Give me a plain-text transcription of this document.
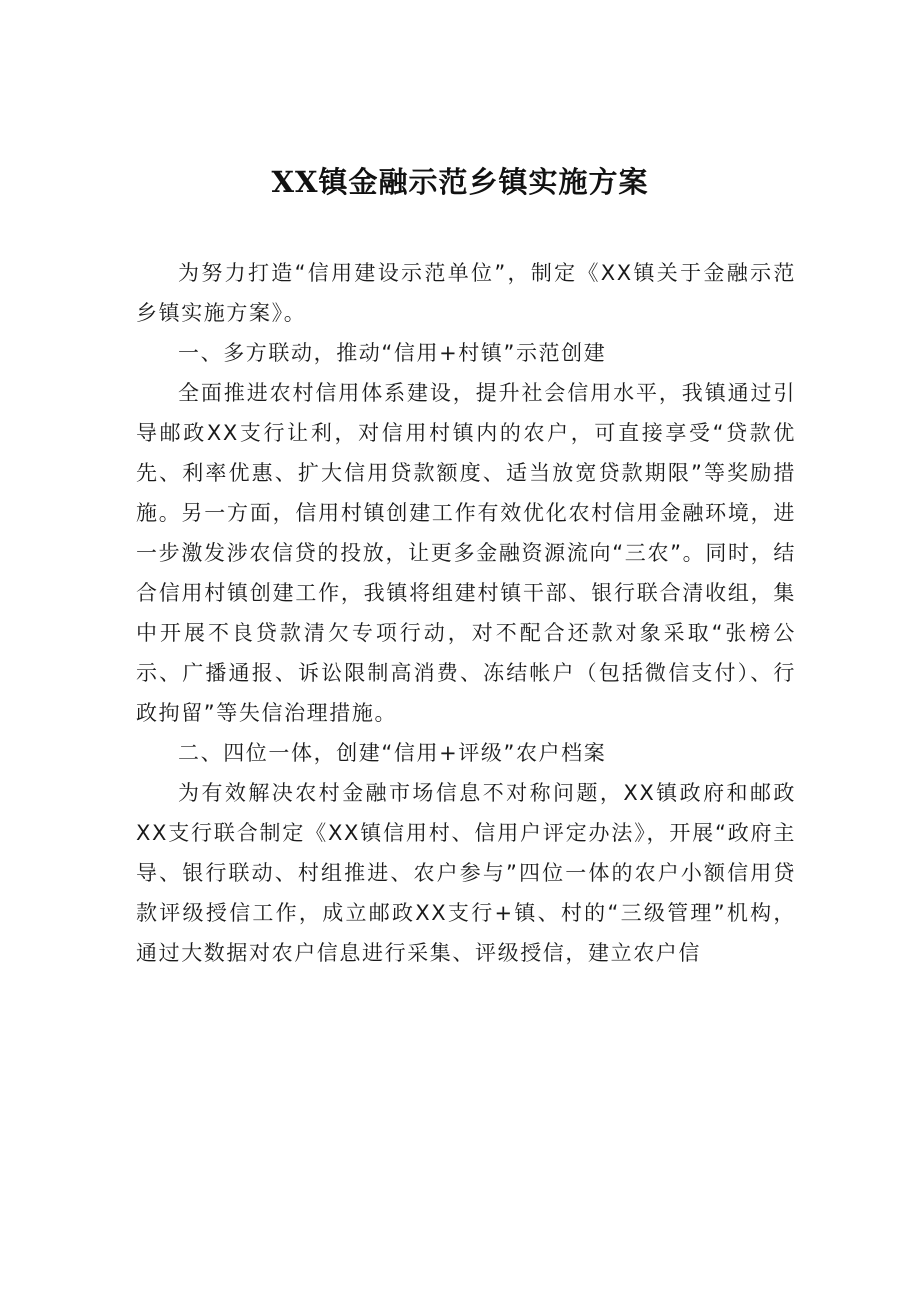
XX镇金融示范乡镇实施方案

为努力打造“信用建设示范单位”，制定《XX镇关于金融示范乡镇实施方案》。

一、多方联动，推动“信用+村镇”示范创建

全面推进农村信用体系建设，提升社会信用水平，我镇通过引导邮政XX支行让利，对信用村镇内的农户，可直接享受“贷款优先、利率优惠、扩大信用贷款额度、适当放宽贷款期限”等奖励措施。另一方面，信用村镇创建工作有效优化农村信用金融环境，进一步激发涉农信贷的投放，让更多金融资源流向“三农”。同时，结合信用村镇创建工作，我镇将组建村镇干部、银行联合清收组，集中开展不良贷款清欠专项行动，对不配合还款对象采取“张榜公示、广播通报、诉讼限制高消费、冻结帐户（包括微信支付）、行政拘留”等失信治理措施。

二、四位一体，创建“信用+评级”农户档案

为有效解决农村金融市场信息不对称问题，XX镇政府和邮政XX支行联合制定《XX镇信用村、信用户评定办法》，开展“政府主导、银行联动、村组推进、农户参与”四位一体的农户小额信用贷款评级授信工作，成立邮政XX支行+镇、村的“三级管理”机构，通过大数据对农户信息进行采集、评级授信，建立农户信
